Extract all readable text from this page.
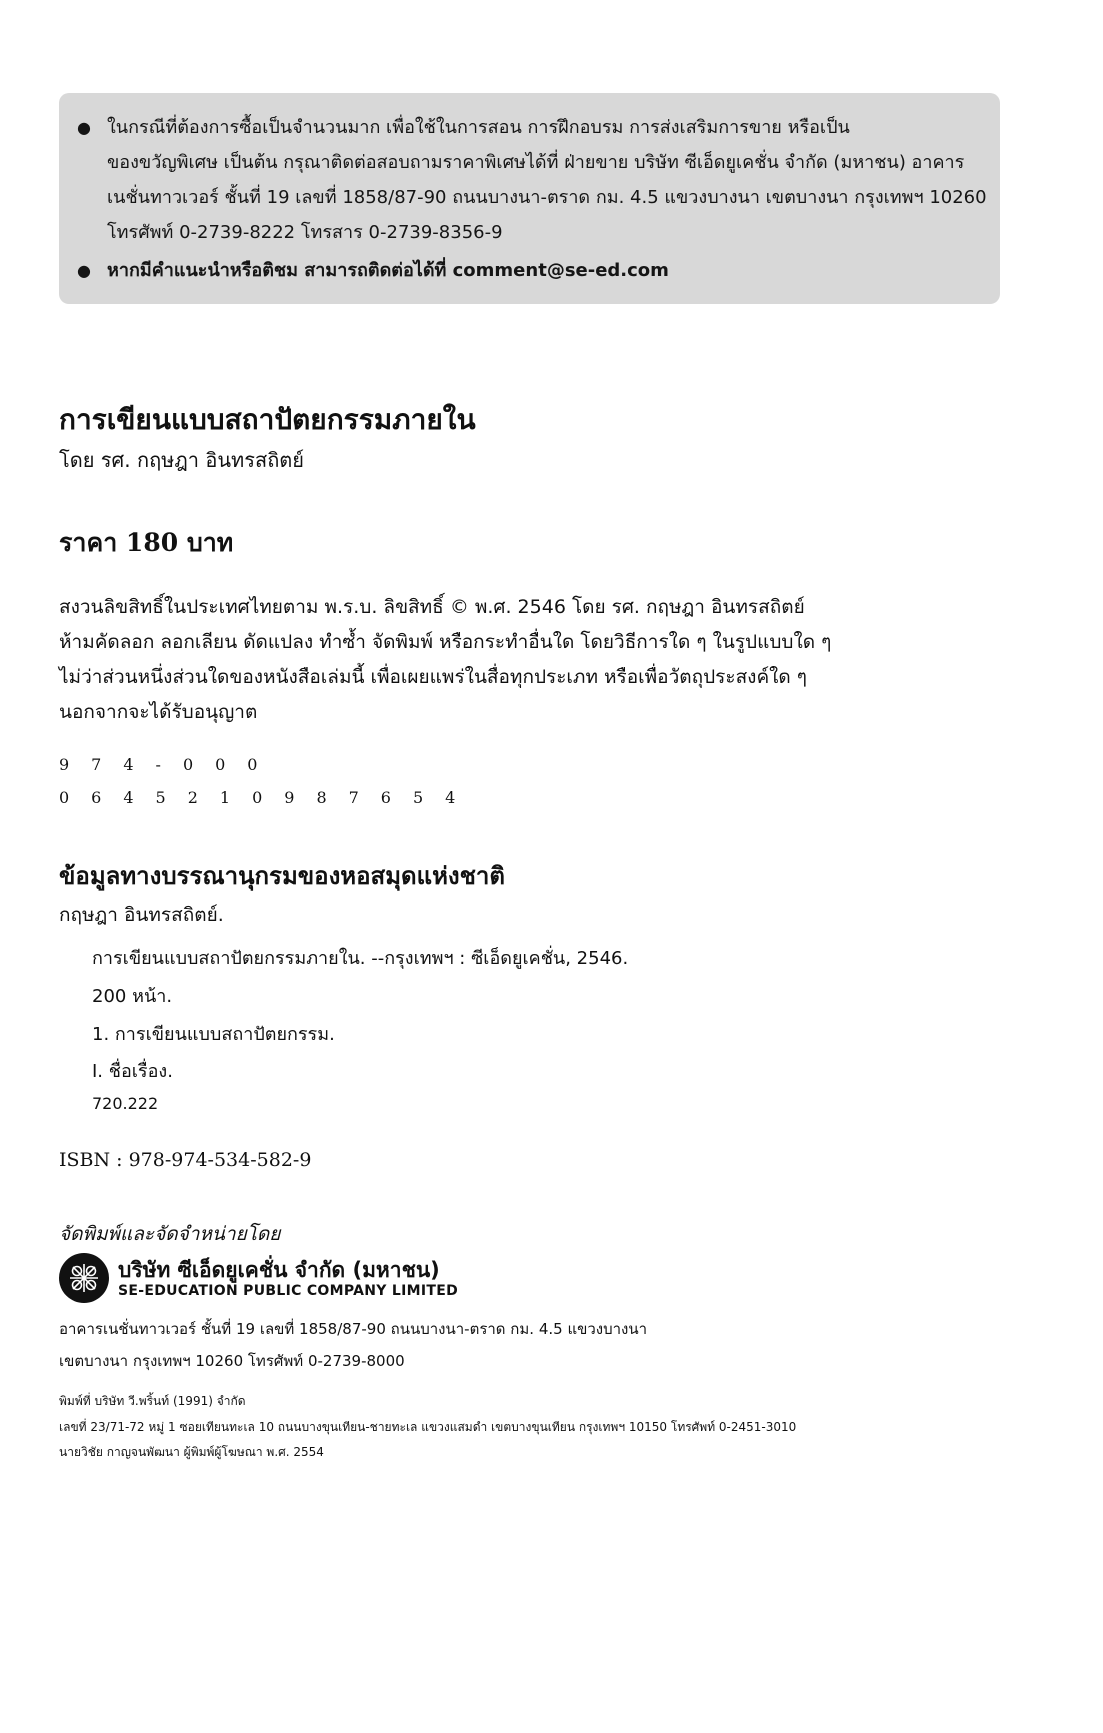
● ในกรณีที่ต้องการซื้อเป็นจำนวนมาก เพื่อใช้ในการสอน การฝึกอบรม การส่งเสริมการขาย หรือเป็น
ของขวัญพิเศษ เป็นต้น กรุณาติดต่อสอบถามราคาพิเศษได้ที่ ฝ่ายขาย บริษัท ซีเอ็ดยูเคชั่น จำกัด (มหาชน) อาคาร
เนชั่นทาวเวอร์ ชั้นที่ 19 เลขที่ 1858/87-90 ถนนบางนา-ตราด กม. 4.5 แขวงบางนา เขตบางนา กรุงเทพฯ 10260
โทรศัพท์ 0-2739-8222 โทรสาร 0-2739-8356-9
● หากมีคำแนะนำหรือติชม สามารถติดต่อได้ที่ comment@se-ed.com
การเขียนแบบสถาปัตยกรรมภายใน
โดย รศ. กฤษฎา อินทรสถิตย์
ราคา 180 บาท
สงวนลิขสิทธิ์ในประเทศไทยตาม พ.ร.บ. ลิขสิทธิ์ © พ.ศ. 2546 โดย รศ. กฤษฎา อินทรสถิตย์
ห้ามคัดลอก ลอกเลียน ดัดแปลง ทำซ้ำ จัดพิมพ์ หรือกระทำอื่นใด โดยวิธีการใด ๆ ในรูปแบบใด ๆ
ไม่ว่าส่วนหนึ่งส่วนใดของหนังสือเล่มนี้ เพื่อเผยแพร่ในสื่อทุกประเภท หรือเพื่อวัตถุประสงค์ใด ๆ
นอกจากจะได้รับอนุญาต
974-000
0645210987654
ข้อมูลทางบรรณานุกรมของหอสมุดแห่งชาติ
กฤษฎา อินทรสถิตย์.
การเขียนแบบสถาปัตยกรรมภายใน. --กรุงเทพฯ : ซีเอ็ดยูเคชั่น, 2546.
200 หน้า.
1. การเขียนแบบสถาปัตยกรรม.
I. ชื่อเรื่อง.
720.222
ISBN : 978-974-534-582-9
จัดพิมพ์และจัดจำหน่ายโดย
บริษัท ซีเอ็ดยูเคชั่น จำกัด (มหาชน)
SE-EDUCATION PUBLIC COMPANY LIMITED
อาคารเนชั่นทาวเวอร์ ชั้นที่ 19 เลขที่ 1858/87-90 ถนนบางนา-ตราด กม. 4.5 แขวงบางนา
เขตบางนา กรุงเทพฯ 10260 โทรศัพท์ 0-2739-8000
พิมพ์ที่ บริษัท วี.พริ้นท์ (1991) จำกัด
เลขที่ 23/71-72 หมู่ 1 ซอยเทียนทะเล 10 ถนนบางขุนเทียน-ชายทะเล แขวงแสมดำ เขตบางขุนเทียน กรุงเทพฯ 10150 โทรศัพท์ 0-2451-3010
นายวิชัย กาญจนพัฒนา ผู้พิมพ์ผู้โฆษณา พ.ศ. 2554
